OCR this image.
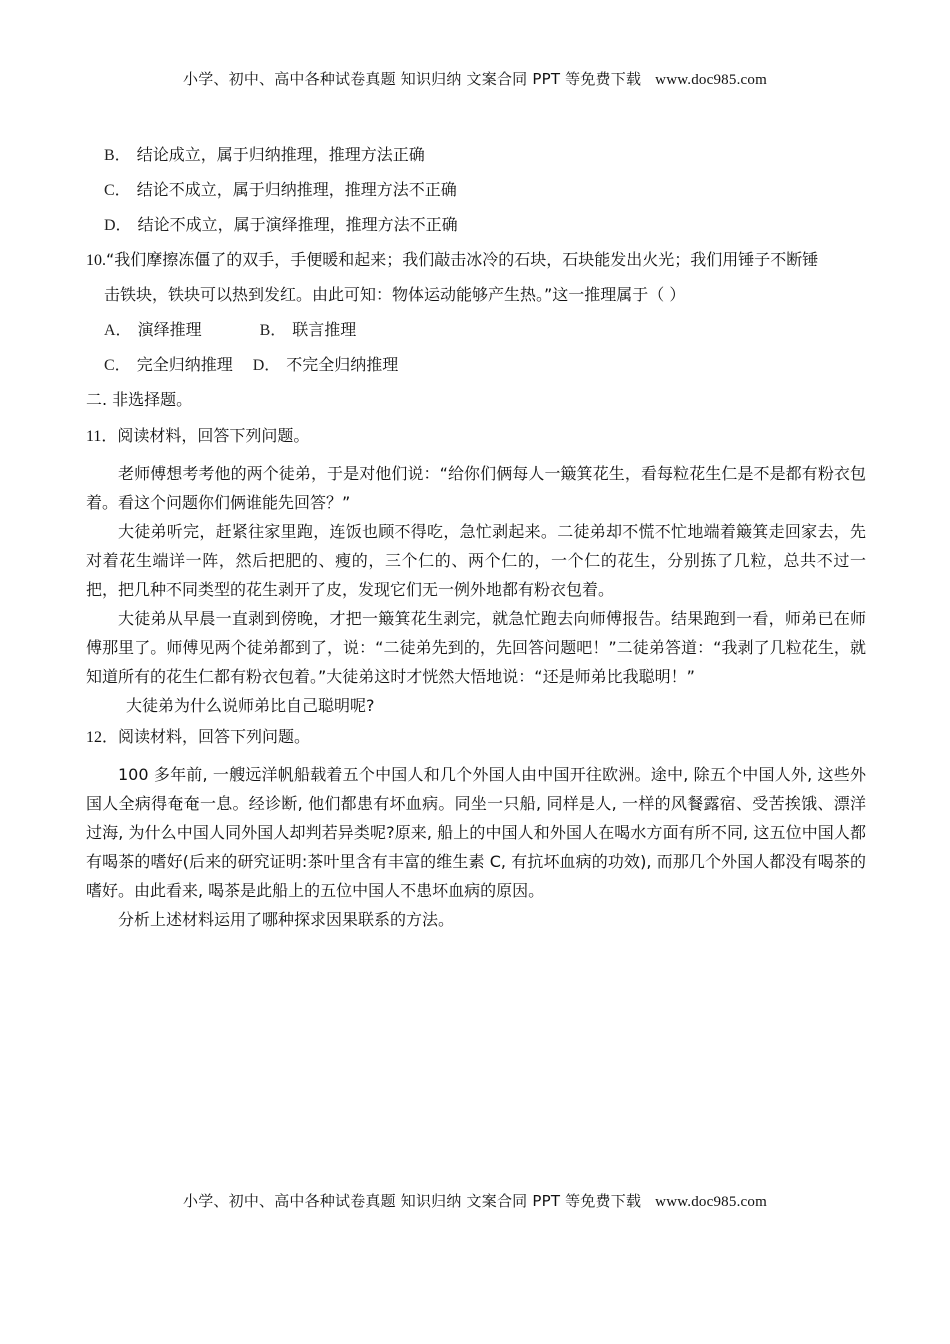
小学、初中、高中各种试卷真题 知识归纳 文案合同 PPT 等免费下载 www.doc985.com
B． 结论成立，属于归纳推理，推理方法正确
C． 结论不成立，属于归纳推理，推理方法不正确
D． 结论不成立，属于演绎推理，推理方法不正确
10.“我们摩擦冻僵了的双手，手便暖和起来；我们敲击冰冷的石块，石块能发出火光；我们用锤子不断锤
击铁块，铁块可以热到发红。由此可知：物体运动能够产生热。”这一推理属于（ ）
A． 演绎推理	B． 联言推理
C． 完全归纳推理 D． 不完全归纳推理
二. 非选择题。
11．阅读材料，回答下列问题。

老师傅想考考他的两个徒弟，于是对他们说：“给你们俩每人一簸箕花生，看每粒花生仁是不是都有粉衣包着。看这个问题你们俩谁能先回答？”

大徒弟听完，赶紧往家里跑，连饭也顾不得吃，急忙剥起来。二徒弟却不慌不忙地端着簸箕走回家去，先对着花生端详一阵，然后把肥的、瘦的，三个仁的、两个仁的，一个仁的花生，分别拣了几粒，总共不过一把，把几种不同类型的花生剥开了皮，发现它们无一例外地都有粉衣包着。

大徒弟从早晨一直剥到傍晚，才把一簸箕花生剥完，就急忙跑去向师傅报告。结果跑到一看，师弟已在师傅那里了。师傅见两个徒弟都到了，说：“二徒弟先到的，先回答问题吧！”二徒弟答道：“我剥了几粒花生，就知道所有的花生仁都有粉衣包着。”大徒弟这时才恍然大悟地说：“还是师弟比我聪明！”

大徒弟为什么说师弟比自己聪明呢?
12．阅读材料，回答下列问题。

100 多年前, 一艘远洋帆船载着五个中国人和几个外国人由中国开往欧洲。途中, 除五个中国人外, 这些外国人全病得奄奄一息。经诊断, 他们都患有坏血病。同坐一只船, 同样是人, 一样的风餐露宿、受苦挨饿、漂洋过海, 为什么中国人同外国人却判若异类呢?原来, 船上的中国人和外国人在喝水方面有所不同, 这五位中国人都有喝茶的嗜好(后来的研究证明:茶叶里含有丰富的维生素 C, 有抗坏血病的功效), 而那几个外国人都没有喝茶的嗜好。由此看来, 喝茶是此船上的五位中国人不患坏血病的原因。

分析上述材料运用了哪种探求因果联系的方法。

小学、初中、高中各种试卷真题 知识归纳 文案合同 PPT 等免费下载 www.doc985.com
